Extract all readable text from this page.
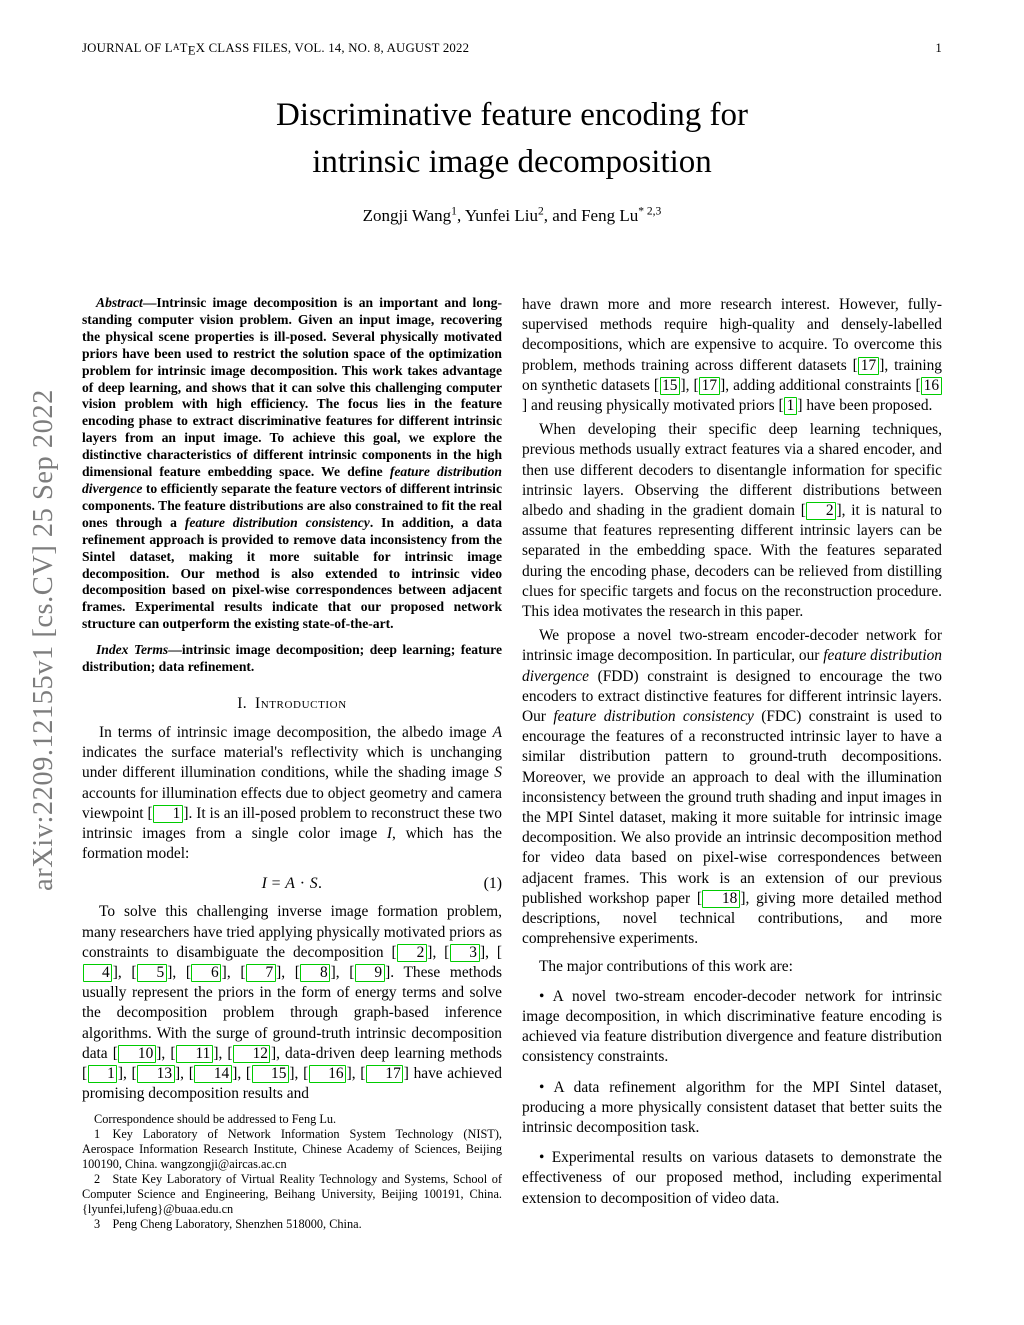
JOURNAL OF LATEX CLASS FILES, VOL. 14, NO. 8, AUGUST 2022	1
arXiv:2209.12155v1 [cs.CV] 25 Sep 2022
Discriminative feature encoding for
intrinsic image decomposition
Zongji Wang$^1$, Yunfei Liu$^2$, and Feng Lu$^{* 2,3}$

Abstract—Intrinsic image decomposition is an important and long-standing computer vision problem. Given an input image, recovering the physical scene properties is ill-posed. Several physically motivated priors have been used to restrict the solution space of the optimization problem for intrinsic image decomposition. This work takes advantage of deep learning, and shows that it can solve this challenging computer vision problem with high efficiency. The focus lies in the feature encoding phase to extract discriminative features for different intrinsic layers from an input image. To achieve this goal, we explore the distinctive characteristics of different intrinsic components in the high dimensional feature embedding space. We define feature distribution divergence to efficiently separate the feature vectors of different intrinsic components. The feature distributions are also constrained to fit the real ones through a feature distribution consistency. In addition, a data refinement approach is provided to remove data inconsistency from the Sintel dataset, making it more suitable for intrinsic image decomposition. Our method is also extended to intrinsic video decomposition based on pixel-wise correspondences between adjacent frames. Experimental results indicate that our proposed network structure can outperform the existing state-of-the-art.

Index Terms—intrinsic image decomposition; deep learning; feature distribution; data refinement.

I. Introduction

In terms of intrinsic image decomposition, the albedo image A indicates the surface material's reflectivity which is unchanging under different illumination conditions, while the shading image S accounts for illumination effects due to object geometry and camera viewpoint [ 1 ]. It is an ill-posed problem to reconstruct these two intrinsic images from a single color image I, which has the formation model:

I = A · S.	(1)

To solve this challenging inverse image formation problem, many researchers have tried applying physically motivated priors as constraints to disambiguate the decomposition [ 2 ], [ 3 ], [4 ], [ 5 ], [ 6 ], [ 7 ], [ 8 ], [ 9 ]. These methods usually represent the priors in the form of energy terms and solve the decomposition problem through graph-based inference algorithms. With the surge of ground-truth intrinsic decomposition data [ 10 ], [ 11 ], [ 12 ], data-driven deep learning methods [ 1 ], [ 13 ], [ 14 ], [ 15 ], [ 16 ], [ 17 ] have achieved promising decomposition results and

Correspondence should be addressed to Feng Lu.

1  Key Laboratory of Network Information System Technology (NIST), Aerospace Information Research Institute, Chinese Academy of Sciences, Beijing 100190, China. wangzongji@aircas.ac.cn

2  State Key Laboratory of Virtual Reality Technology and Systems, School of Computer Science and Engineering, Beihang University, Beijing 100191, China. {lyunfei,lufeng}@buaa.edu.cn

3  Peng Cheng Laboratory, Shenzhen 518000, China.

have drawn more and more research interest. However, fully-supervised methods require high-quality and densely-labelled decompositions, which are expensive to acquire. To overcome this problem, methods training across different datasets [ 17 ], training on synthetic datasets [ 15 ], [ 17 ], adding additional constraints [ 16] and reusing physically motivated priors [ 1 ] have been proposed.

When developing their specific deep learning techniques, previous methods usually extract features via a shared encoder, and then use different decoders to disentangle information for specific intrinsic layers. Observing the different distributions between albedo and shading in the gradient domain [ 2 ], it is natural to assume that features representing different intrinsic layers can be separated in the embedding space. With the features separated during the encoding phase, decoders can be relieved from distilling clues for specific targets and focus on the reconstruction procedure. This idea motivates the research in this paper.

We propose a novel two-stream encoder-decoder network for intrinsic image decomposition. In particular, our feature distribution divergence (FDD) constraint is designed to encourage the two encoders to extract distinctive features for different intrinsic layers. Our feature distribution consistency (FDC) constraint is used to encourage the features of a reconstructed intrinsic layer to have a similar distribution pattern to ground-truth decompositions. Moreover, we provide an approach to deal with the illumination inconsistency between the ground truth shading and input images in the MPI Sintel dataset, making it more suitable for intrinsic image decomposition. We also provide an intrinsic decomposition method for video data based on pixel-wise correspondences between adjacent frames. This work is an extension of our previous published workshop paper [ 18 ], giving more detailed method descriptions, novel technical contributions, and more comprehensive experiments.

The major contributions of this work are:

• A novel two-stream encoder-decoder network for intrinsic image decomposition, in which discriminative feature encoding is achieved via feature distribution divergence and feature distribution consistency constraints.

• A data refinement algorithm for the MPI Sintel dataset, producing a more physically consistent dataset that better suits the intrinsic decomposition task.

• Experimental results on various datasets to demonstrate the effectiveness of our proposed method, including experimental extension to decomposition of video data.
